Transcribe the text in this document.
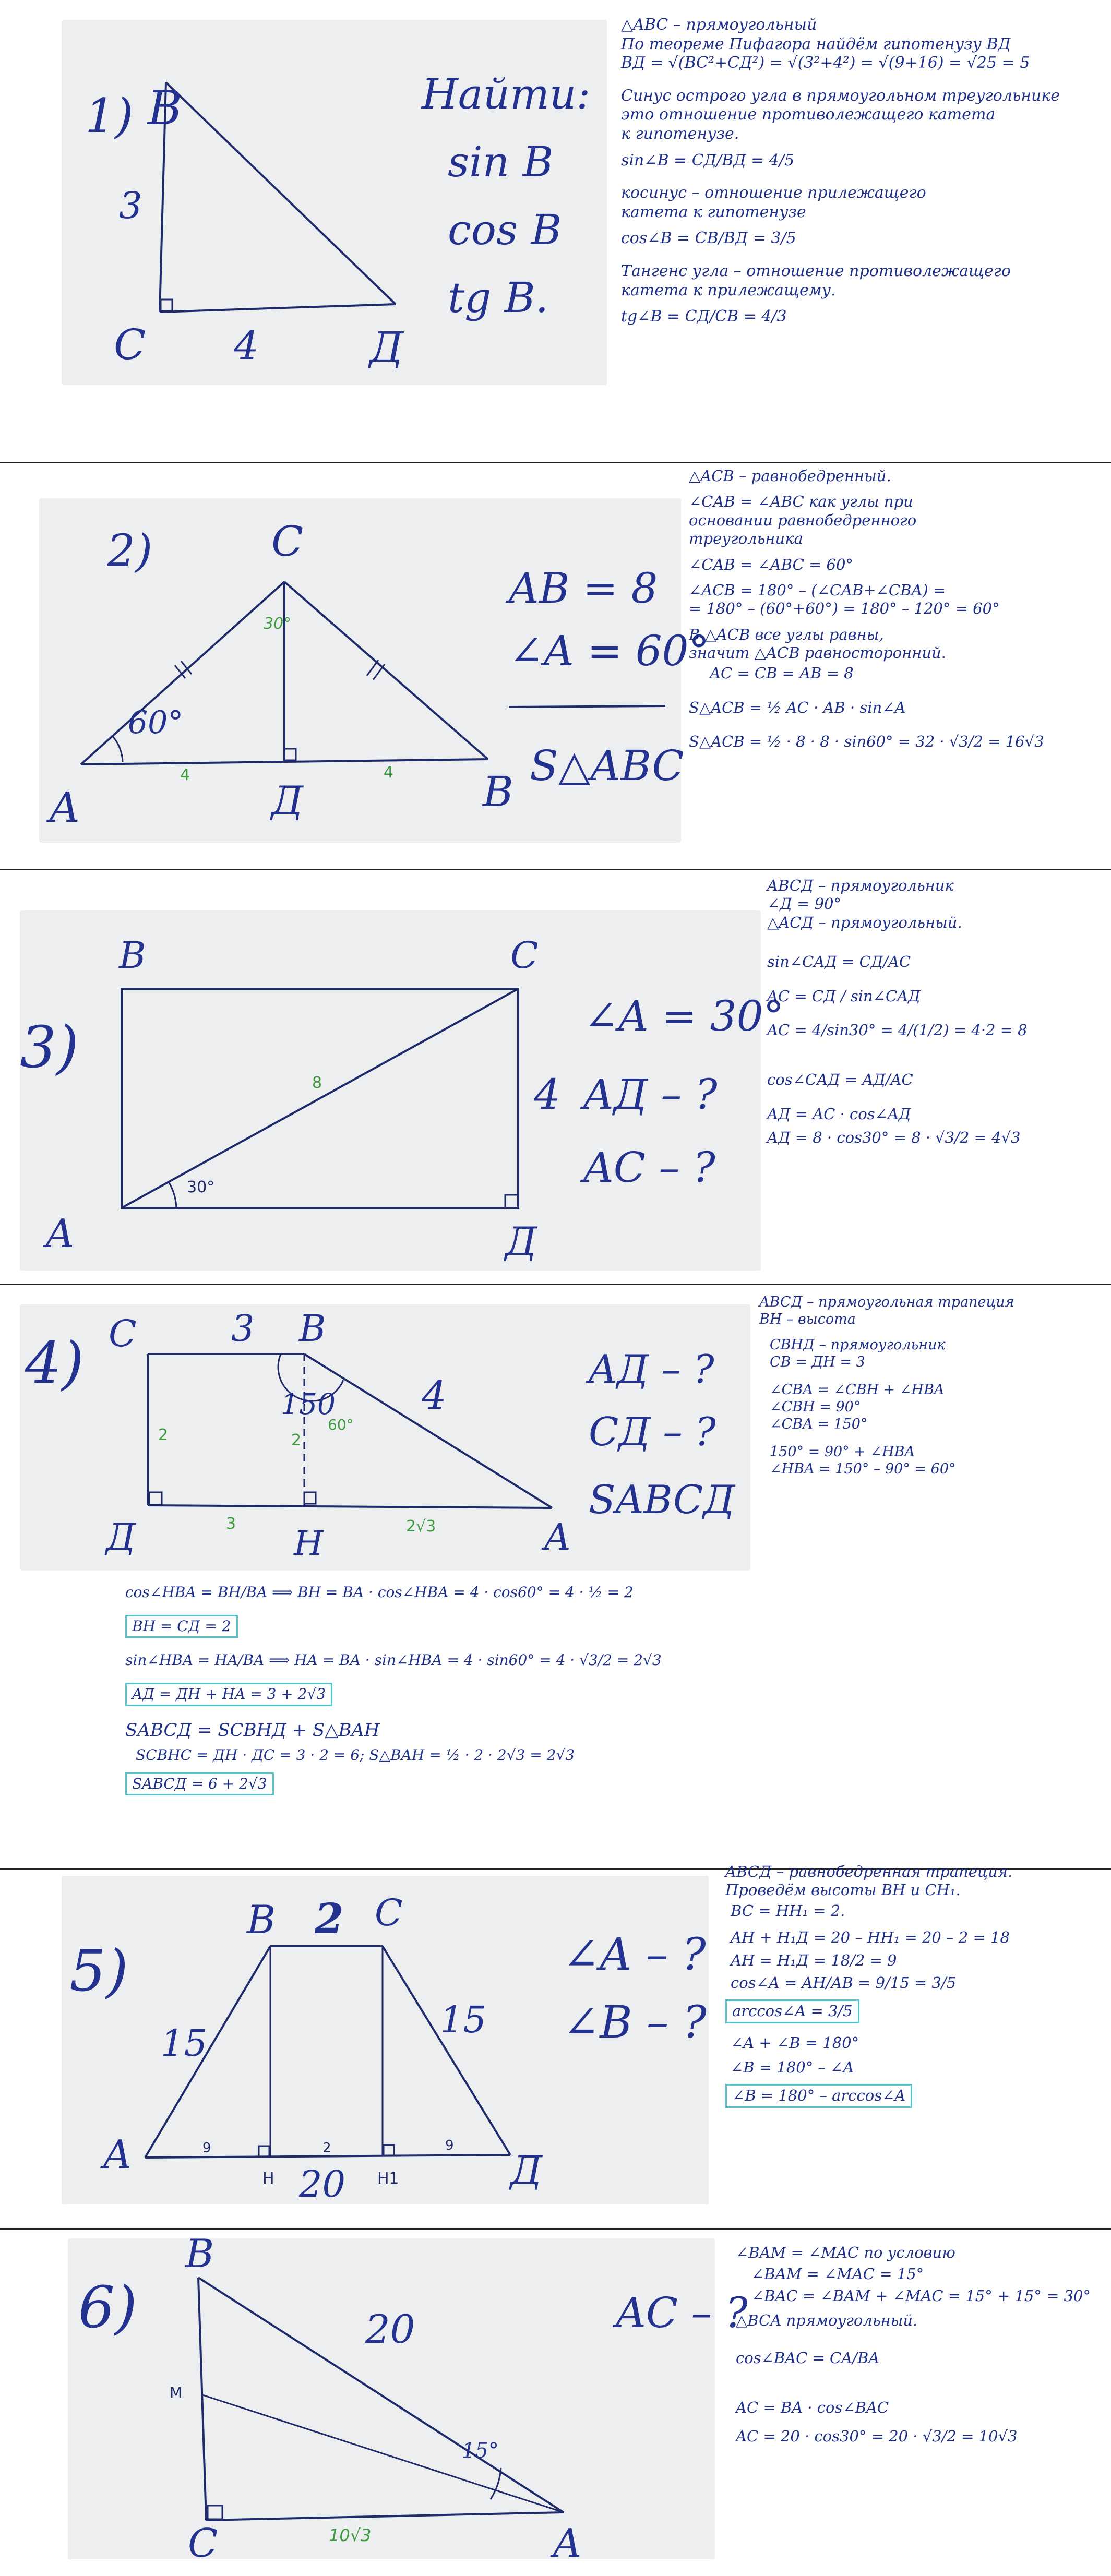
1) B
C	Д
3
4
Найти:
sin B
cos B
tg B.
△ABC – прямоугольный
По теореме Пифагора найдём гипотенузу BД
BД = √(BC²+CД²) = √(3²+4²) = √(9+16) = √25 = 5
Синус острого угла в прямоугольном треугольнике
это отношение противолежащего катета
к гипотенузе.
sin∠B = CД/BД = 4/5
косинус – отношение прилежащего
катета к гипотенузе
cos∠B = CB/BД = 3/5
Тангенс угла – отношение противолежащего
катета к прилежащему.
tg∠B = CД/CB = 4/3
2)	C
A	B
Д
60°
30°
4	4
AB = 8
∠A = 60°
S△ABC
△ACB – равнобедренный.
∠CAB = ∠ABC как углы при
основании равнобедренного
треугольника
∠CAB = ∠ABC = 60°
∠ACB = 180° – (∠CAB+∠CBA) =
= 180° – (60°+60°) = 180° – 120° = 60°
В △ACB все углы равны,
значит △ACB равносторонний.
AC = CB = AB = 8
S△ACB = ½ AC · AB · sin∠A
S△ACB = ½ · 8 · 8 · sin60° = 32 · √3/2 = 16√3
3)
B	C
A	Д
8	4
30°
∠A = 30°
AД – ?
AC – ?
ABCД – прямоугольник
∠Д = 90°
△ACД – прямоугольный.
sin∠CAД = CД/AC
AC = CД / sin∠CAД
AC = 4/sin30° = 4/(1/2) = 4·2 = 8
cos∠CAД = AД/AC
AД = AC · cos∠AД
AД = 8 · cos30° = 8 · √3/2 = 4√3
4) C	B
Д	H	A
3
4
150
60°
2	2
3	2√3
AД – ?
CД – ?
SABCД
ABCД – прямоугольная трапеция
BH – высота
CBHД – прямоугольник
CB = ДH = 3
∠CBA = ∠CBH + ∠HBA
∠CBH = 90°
∠CBA = 150°
150° = 90° + ∠HBA
∠HBA = 150° – 90° = 60°
cos∠HBA = BH/BA ⟹ BH = BA · cos∠HBA = 4 · cos60° = 4 · ½ = 2
BH = CД = 2
sin∠HBA = HA/BA ⟹ HA = BA · sin∠HBA = 4 · sin60° = 4 · √3/2 = 2√3
AД = ДH + HA = 3 + 2√3
SABCД = SCBHД + S△BAH
SCBHC = ДH · ДC = 3 · 2 = 6; S△BAH = ½ · 2 · 2√3 = 2√3
SABCД = 6 + 2√3
5)
B	C
A	Д
H	H1
2
15
15
20
9	2	9
∠A – ?
∠B – ?
ABCД – равнобедренная трапеция.
Проведём высоты BH и CH₁.
BC = HH₁ = 2.
AH + H₁Д = 20 – HH₁ = 20 – 2 = 18
AH = H₁Д = 18/2 = 9
cos∠A = AH/AB = 9/15 = 3/5
arccos∠A = 3/5
∠A + ∠B = 180°
∠B = 180° – ∠A
∠B = 180° – arccos∠A
6)
B
M
C	A
20
15°
10√3
AC – ?
∠BAM = ∠MAC по условию
∠BAM = ∠MAC = 15°
∠BAC = ∠BAM + ∠MAC = 15° + 15° = 30°
△BCA прямоугольный.
cos∠BAC = CA/BA
AC = BA · cos∠BAC
AC = 20 · cos30° = 20 · √3/2 = 10√3
